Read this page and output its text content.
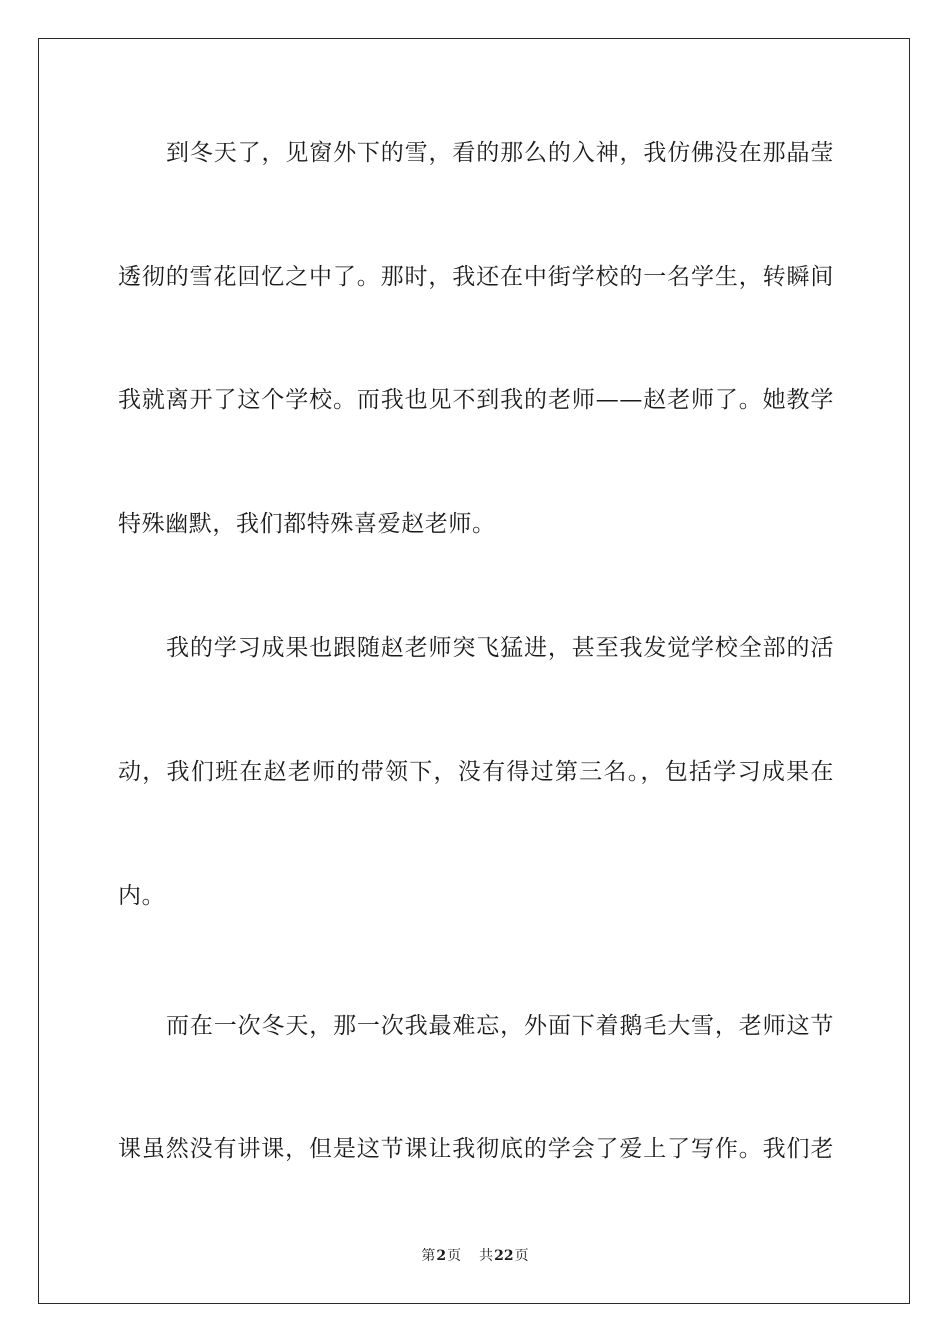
到冬天了，见窗外下的雪，看的那么的入神，我仿佛没在那晶莹
透彻的雪花回忆之中了。那时，我还在中街学校的一名学生，转瞬间
我就离开了这个学校。而我也见不到我的老师——赵老师了。她教学
特殊幽默，我们都特殊喜爱赵老师。
我的学习成果也跟随赵老师突飞猛进，甚至我发觉学校全部的活
动，我们班在赵老师的带领下，没有得过第三名。，包括学习成果在
内。
而在一次冬天，那一次我最难忘，外面下着鹅毛大雪，老师这节
课虽然没有讲课，但是这节课让我彻底的学会了爱上了写作。我们老
第2页 共22页
